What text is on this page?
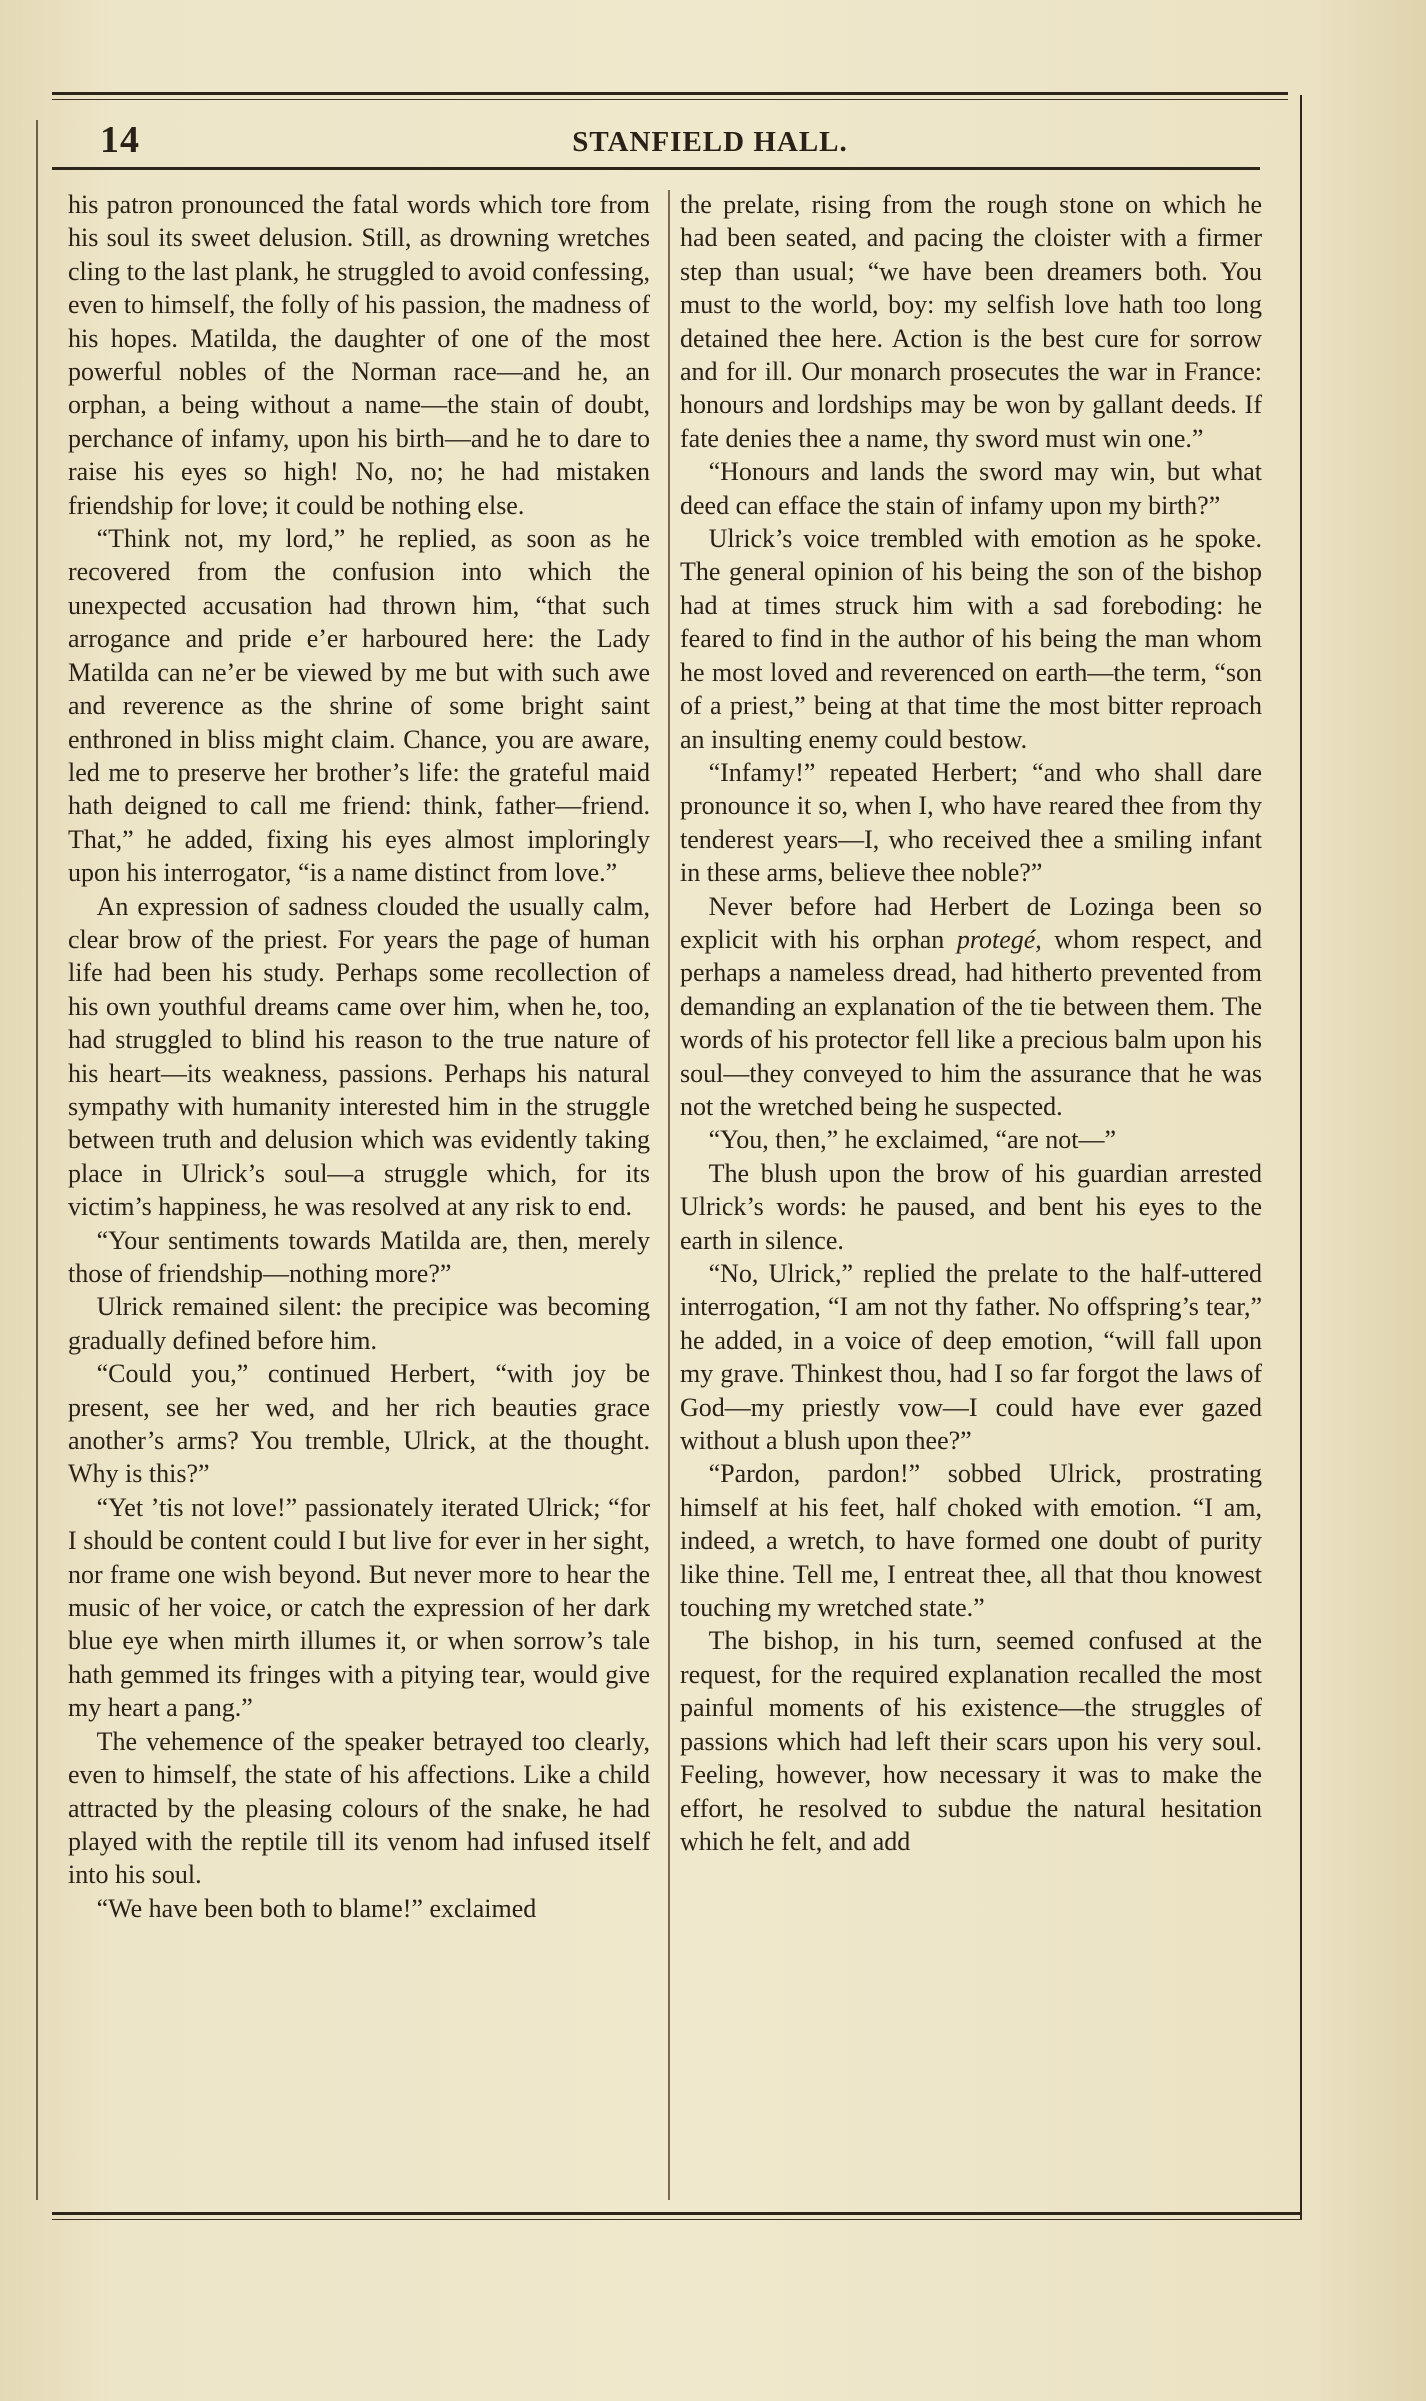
14	STANFIELD HALL.

his patron pronounced the fatal words which tore from his soul its sweet delusion. Still, as drowning wretches cling to the last plank, he struggled to avoid confessing, even to himself, the folly of his passion, the madness of his hopes. Matilda, the daughter of one of the most powerful nobles of the Norman race—and he, an orphan, a being without a name—the stain of doubt, perchance of infamy, upon his birth—and he to dare to raise his eyes so high! No, no; he had mistaken friendship for love; it could be nothing else.

“Think not, my lord,” he replied, as soon as he recovered from the confusion into which the unexpected accusation had thrown him, “that such arrogance and pride e’er harboured here: the Lady Matilda can ne’er be viewed by me but with such awe and reverence as the shrine of some bright saint enthroned in bliss might claim. Chance, you are aware, led me to preserve her brother’s life: the grateful maid hath deigned to call me friend: think, father—friend. That,” he added, fixing his eyes almost imploringly upon his interrogator, “is a name distinct from love.”

An expression of sadness clouded the usually calm, clear brow of the priest. For years the page of human life had been his study. Perhaps some recollection of his own youthful dreams came over him, when he, too, had struggled to blind his reason to the true nature of his heart—its weakness, passions. Perhaps his natural sympathy with humanity interested him in the struggle between truth and delusion which was evidently taking place in Ulrick’s soul—a struggle which, for its victim’s happiness, he was resolved at any risk to end.

“Your sentiments towards Matilda are, then, merely those of friendship—nothing more?”

Ulrick remained silent: the precipice was becoming gradually defined before him.

“Could you,” continued Herbert, “with joy be present, see her wed, and her rich beauties grace another’s arms? You tremble, Ulrick, at the thought. Why is this?”

“Yet ’tis not love!” passionately iterated Ulrick; “for I should be content could I but live for ever in her sight, nor frame one wish beyond. But never more to hear the music of her voice, or catch the expression of her dark blue eye when mirth illumes it, or when sorrow’s tale hath gemmed its fringes with a pitying tear, would give my heart a pang.”

The vehemence of the speaker betrayed too clearly, even to himself, the state of his affections. Like a child attracted by the pleasing colours of the snake, he had played with the reptile till its venom had infused itself into his soul.

“We have been both to blame!” exclaimed

the prelate, rising from the rough stone on which he had been seated, and pacing the cloister with a firmer step than usual; “we have been dreamers both. You must to the world, boy: my selfish love hath too long detained thee here. Action is the best cure for sorrow and for ill. Our monarch prosecutes the war in France: honours and lordships may be won by gallant deeds. If fate denies thee a name, thy sword must win one.”

“Honours and lands the sword may win, but what deed can efface the stain of infamy upon my birth?”

Ulrick’s voice trembled with emotion as he spoke. The general opinion of his being the son of the bishop had at times struck him with a sad foreboding: he feared to find in the author of his being the man whom he most loved and reverenced on earth—the term, “son of a priest,” being at that time the most bitter reproach an insulting enemy could bestow.

“Infamy!” repeated Herbert; “and who shall dare pronounce it so, when I, who have reared thee from thy tenderest years—I, who received thee a smiling infant in these arms, believe thee noble?”

Never before had Herbert de Lozinga been so explicit with his orphan protegé, whom respect, and perhaps a nameless dread, had hitherto prevented from demanding an explanation of the tie between them. The words of his protector fell like a precious balm upon his soul—they conveyed to him the assurance that he was not the wretched being he suspected.

“You, then,” he exclaimed, “are not—”

The blush upon the brow of his guardian arrested Ulrick’s words: he paused, and bent his eyes to the earth in silence.

“No, Ulrick,” replied the prelate to the half-uttered interrogation, “I am not thy father. No offspring’s tear,” he added, in a voice of deep emotion, “will fall upon my grave. Thinkest thou, had I so far forgot the laws of God—my priestly vow—I could have ever gazed without a blush upon thee?”

“Pardon, pardon!” sobbed Ulrick, prostrating himself at his feet, half choked with emotion. “I am, indeed, a wretch, to have formed one doubt of purity like thine. Tell me, I entreat thee, all that thou knowest touching my wretched state.”

The bishop, in his turn, seemed confused at the request, for the required explanation recalled the most painful moments of his existence—the struggles of passions which had left their scars upon his very soul. Feeling, however, how necessary it was to make the effort, he resolved to subdue the natural hesitation which he felt, and add
